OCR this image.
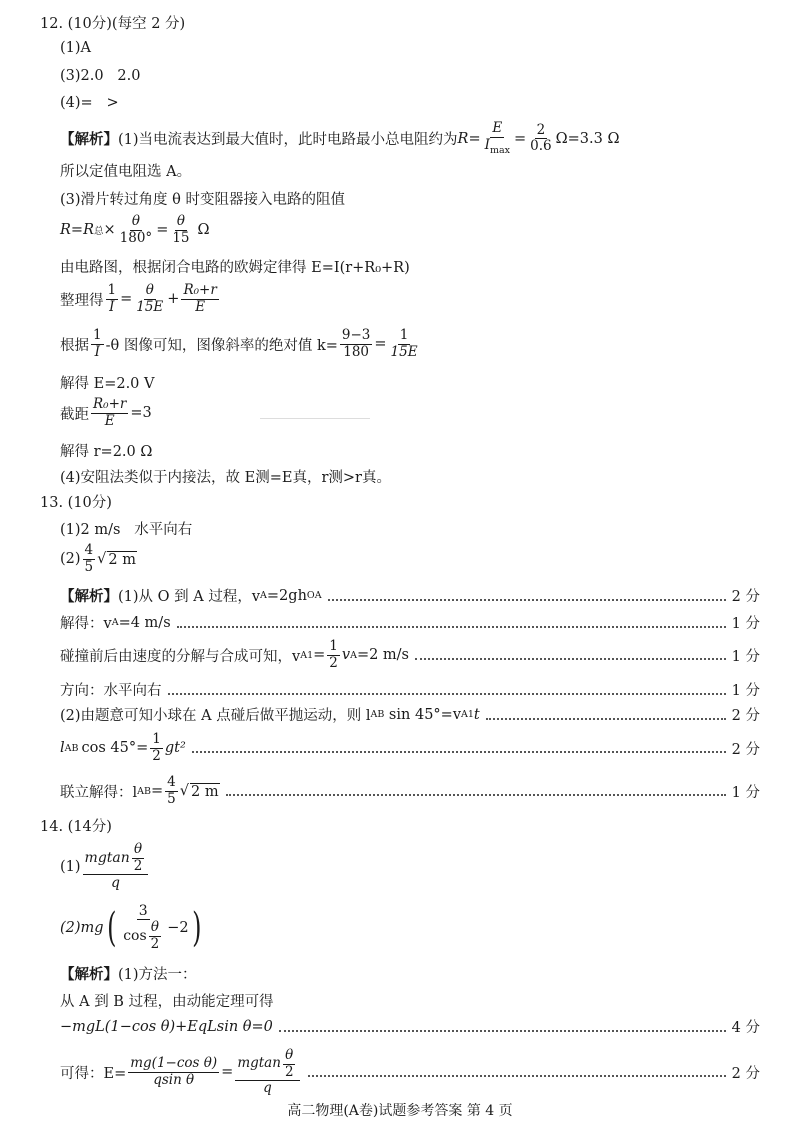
12. (10分)(每空 2 分)
(1)A
(3)2.0   2.0
(4)=   >
【解析】 (1)当电流表达到最大值时，此时电路最小总电阻约为 $R = \frac{E}{I_{max}} = \frac{2}{0.6} \Omega=3.3$ Ω
所以定值电阻选 A。
(3)滑片转过角度 θ 时变阻器接入电路的阻值
R=R 总 × $\frac{\theta}{180^\circ} = \frac{\theta}{15}$ Ω
由电路图，根据闭合电路的欧姆定律得 E=I(r+R₀+R)
整理得 $\frac{1}{I} = \frac{\theta}{15E} + \frac{\text{R₀+r}}{E}$
根据 $\frac{1}{I} -\theta$ 图像可知，图像斜率的绝对值 $k= \frac{9-3}{180} = \frac{1}{15E}$
解得 E=2.0 V
截距 $\frac{\text{R₀+r}}{E} =3$
解得 r=2.0 Ω
(4)安阻法类似于内接法，故 E测=E真，r测>r真。
13. (10分)
(1)2 m/s   水平向右
$(2) \frac{4}{5}$ √ 2 m
【解析】 (1)从 O 到 A 过程，v A =2gh OA	2 分
解得：v A =4 m/s	1 分
碰撞前后由速度的分解与合成可知，v $A1 = \frac{1}{2}$ v A =2 m/s	1 分
方向：水平向右	1 分
(2)由题意可知小球在 A 点碰后做平抛运动，则 l AB sin 45°=v A1 t	2 分
l AB $\cos 45^\circ= \frac{1}{2} gt^2$	2 分
联立解得：l AB = $\frac{4}{5}$ √ 2 m	1 分
14. (14分)
$(1) \frac{mgtan \frac{\theta}{2}}{q}$
(2)mg ( $\frac{3}{\cos \frac{\theta}{2}} -2$ )
【解析】 (1)方法一：
从 A 到 B 过程，由动能定理可得
−mgL(1−cos θ)+EqLsin θ=0	4 分
可得：$E= \frac{\text{mg(1−cos θ)}}{\text{qsin θ}} = \frac{mgtan \frac{\theta}{2}}{q}$	2 分
高二物理(A卷)试题参考答案 第 4 页
